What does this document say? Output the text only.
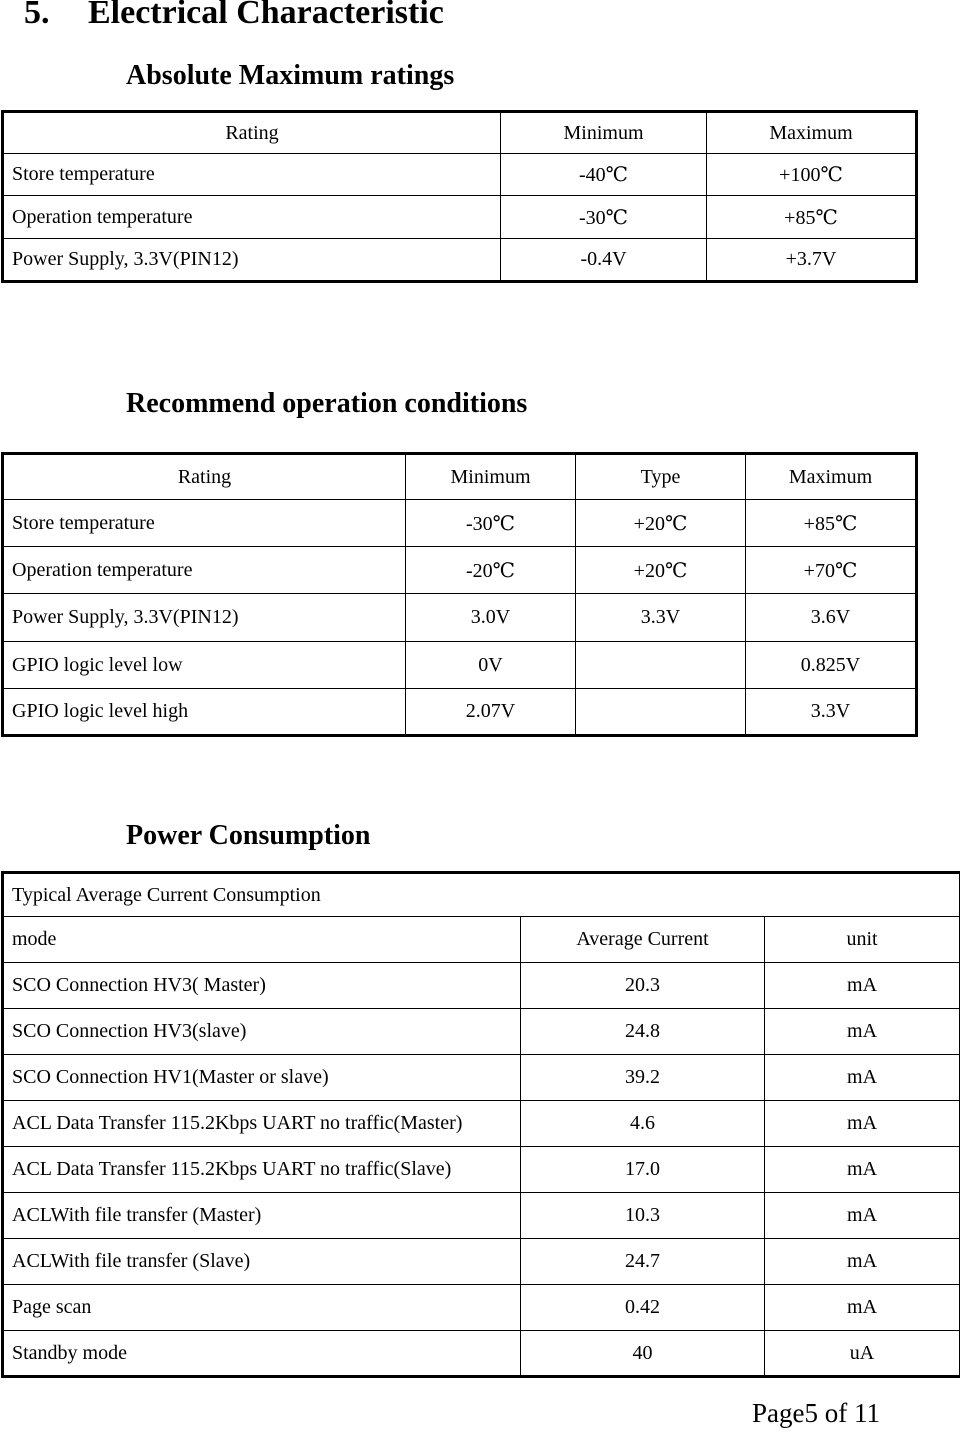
5. Electrical Characteristic
Absolute Maximum ratings
Rating	Minimum	Maximum
Store temperature	-40℃	+100℃
Operation temperature	-30℃	+85℃
Power Supply, 3.3V(PIN12)	-0.4V	+3.7V
Recommend operation conditions
Rating	Minimum	Type	Maximum
Store temperature	-30℃	+20℃	+85℃
Operation temperature	-20℃	+20℃	+70℃
Power Supply, 3.3V(PIN12)	3.0V	3.3V	3.6V
GPIO logic level low	0V		0.825V
GPIO logic level high	2.07V		3.3V
Power Consumption
Typical Average Current Consumption		
mode	Average Current	unit
SCO Connection HV3( Master)	20.3	mA
SCO Connection HV3(slave)	24.8	mA
SCO Connection HV1(Master or slave)	39.2	mA
ACL Data Transfer 115.2Kbps UART no traffic(Master)	4.6	mA
ACL Data Transfer 115.2Kbps UART no traffic(Slave)	17.0	mA
ACLWith file transfer (Master)	10.3	mA
ACLWith file transfer (Slave)	24.7	mA
Page scan	0.42	mA
Standby mode	40	uA
Page5 of 11
